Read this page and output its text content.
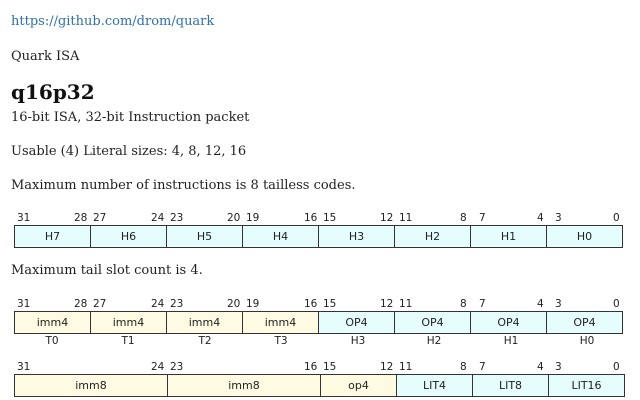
https://github.com/drom/quark
Quark ISA
q16p32
16-bit ISA, 32-bit Instruction packet
Usable (4) Literal sizes: 4, 8, 12, 16
Maximum number of instructions is 8 tailless codes.
31	28 27	24 23	20 19	16 15	12 11	8 7	4 3	0
H7	H6	H5	H4	H3	H2	H1	H0
Maximum tail slot count is 4.
31	28 27	24 23	20 19	16 15	12 11	8 7	4 3	0
imm4	imm4	imm4	imm4	OP4	OP4	OP4	OP4
T0	T1	T2	T3	H3	H2	H1	H0
31	24 23	16 15	12 11	8 7	4 3	0
imm8	imm8	op4	LIT4	LIT8	LIT16
